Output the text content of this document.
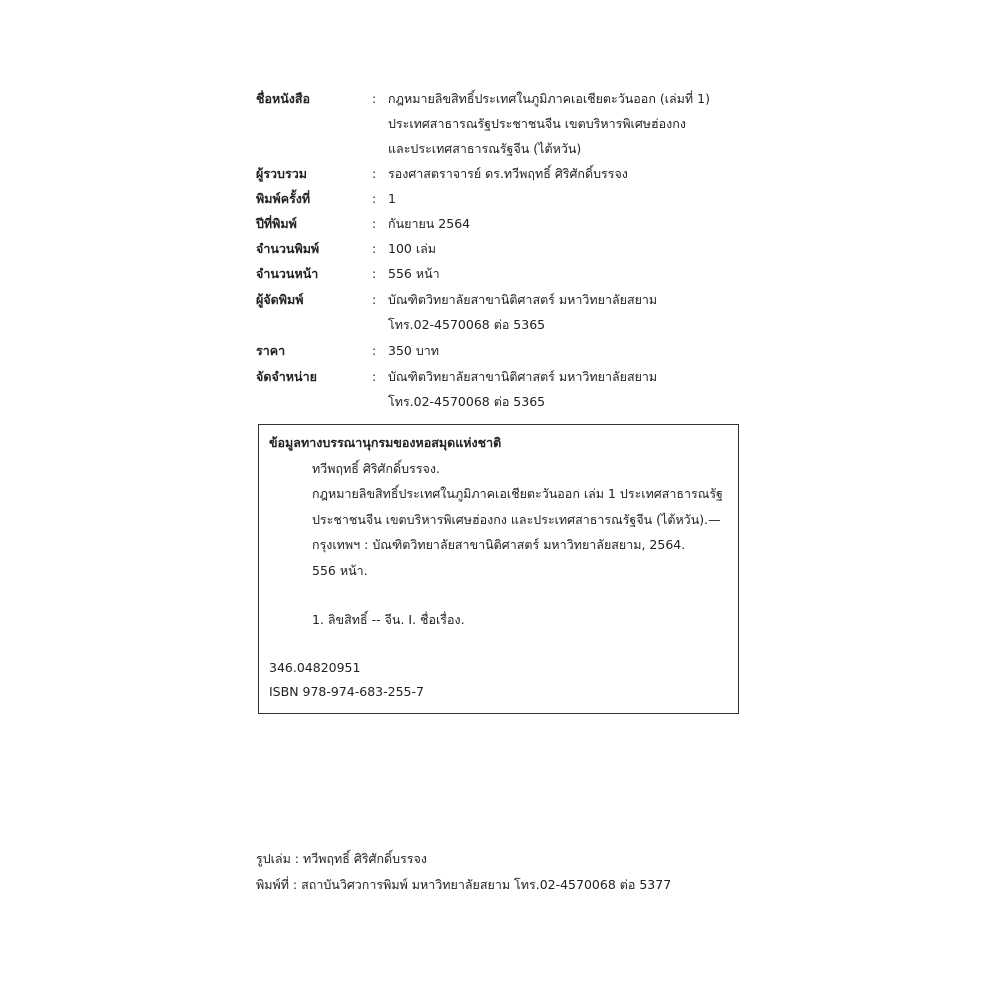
ชื่อหนังสือ	: กฎหมายลิขสิทธิ์ประเทศในภูมิภาคเอเชียตะวันออก (เล่มที่ 1)
ประเทศสาธารณรัฐประชาชนจีน เขตบริหารพิเศษฮ่องกง
และประเทศสาธารณรัฐจีน (ไต้หวัน)
ผู้รวบรวม	: รองศาสตราจารย์ ดร.ทวีพฤทธิ์ ศิริศักดิ์บรรจง
พิมพ์ครั้งที่	: 1
ปีที่พิมพ์	: กันยายน 2564
จำนวนพิมพ์	: 100 เล่ม
จำนวนหน้า	: 556 หน้า
ผู้จัดพิมพ์	: บัณฑิตวิทยาลัยสาขานิติศาสตร์ มหาวิทยาลัยสยาม
โทร.02-4570068 ต่อ 5365
ราคา	: 350 บาท
จัดจำหน่าย	: บัณฑิตวิทยาลัยสาขานิติศาสตร์ มหาวิทยาลัยสยาม
โทร.02-4570068 ต่อ 5365
ข้อมูลทางบรรณานุกรมของหอสมุดแห่งชาติ
ทวีพฤทธิ์ ศิริศักดิ์บรรจง.
กฎหมายลิขสิทธิ์ประเทศในภูมิภาคเอเชียตะวันออก เล่ม 1 ประเทศสาธารณรัฐ
ประชาชนจีน เขตบริหารพิเศษฮ่องกง และประเทศสาธารณรัฐจีน (ไต้หวัน).—
กรุงเทพฯ : บัณฑิตวิทยาลัยสาขานิติศาสตร์ มหาวิทยาลัยสยาม, 2564.
556 หน้า.
1. ลิขสิทธิ์ -- จีน. I. ชื่อเรื่อง.
346.04820951
ISBN 978-974-683-255-7
รูปเล่ม : ทวีพฤทธิ์ ศิริศักดิ์บรรจง
พิมพ์ที่ : สถาบันวิศวการพิมพ์ มหาวิทยาลัยสยาม โทร.02-4570068 ต่อ 5377
